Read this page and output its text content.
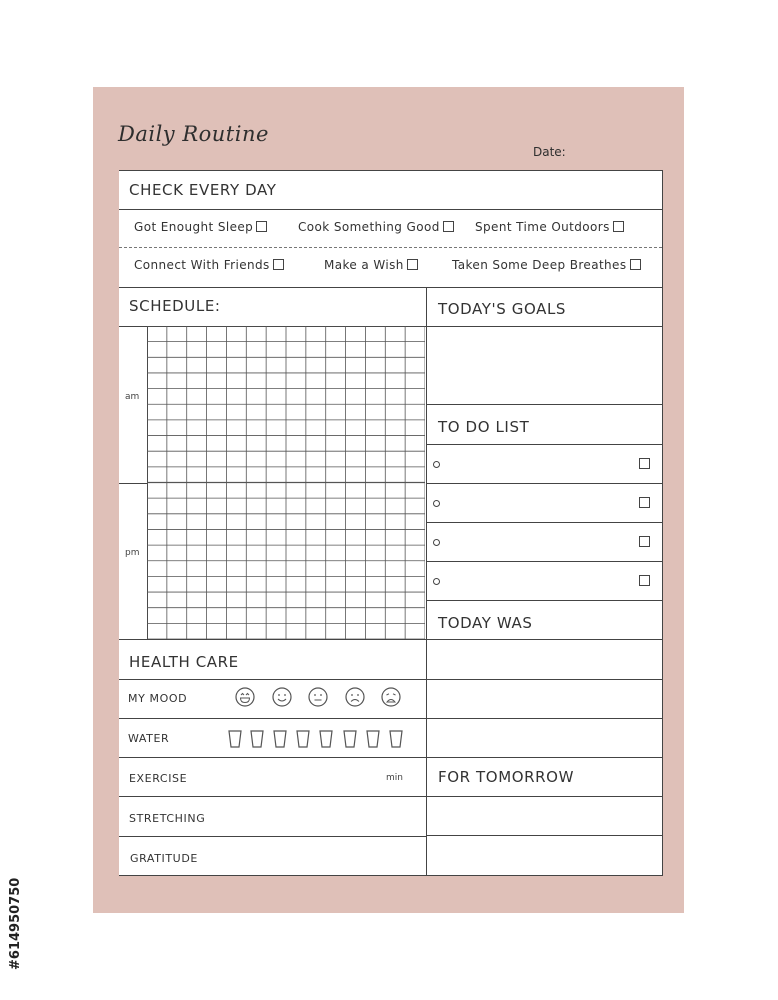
Daily Routine
Date:
CHECK EVERY DAY
Got Enought Sleep	Cook Something Good	Spent Time Outdoors
Connect With Friends	Make a Wish	Taken Some Deep Breathes
SCHEDULE:
am
pm
TODAY'S GOALS
TO DO LIST
TODAY WAS
FOR TOMORROW
HEALTH CARE
MY MOOD
WATER
EXERCISE	min
STRETCHING
GRATITUDE
#614950750
